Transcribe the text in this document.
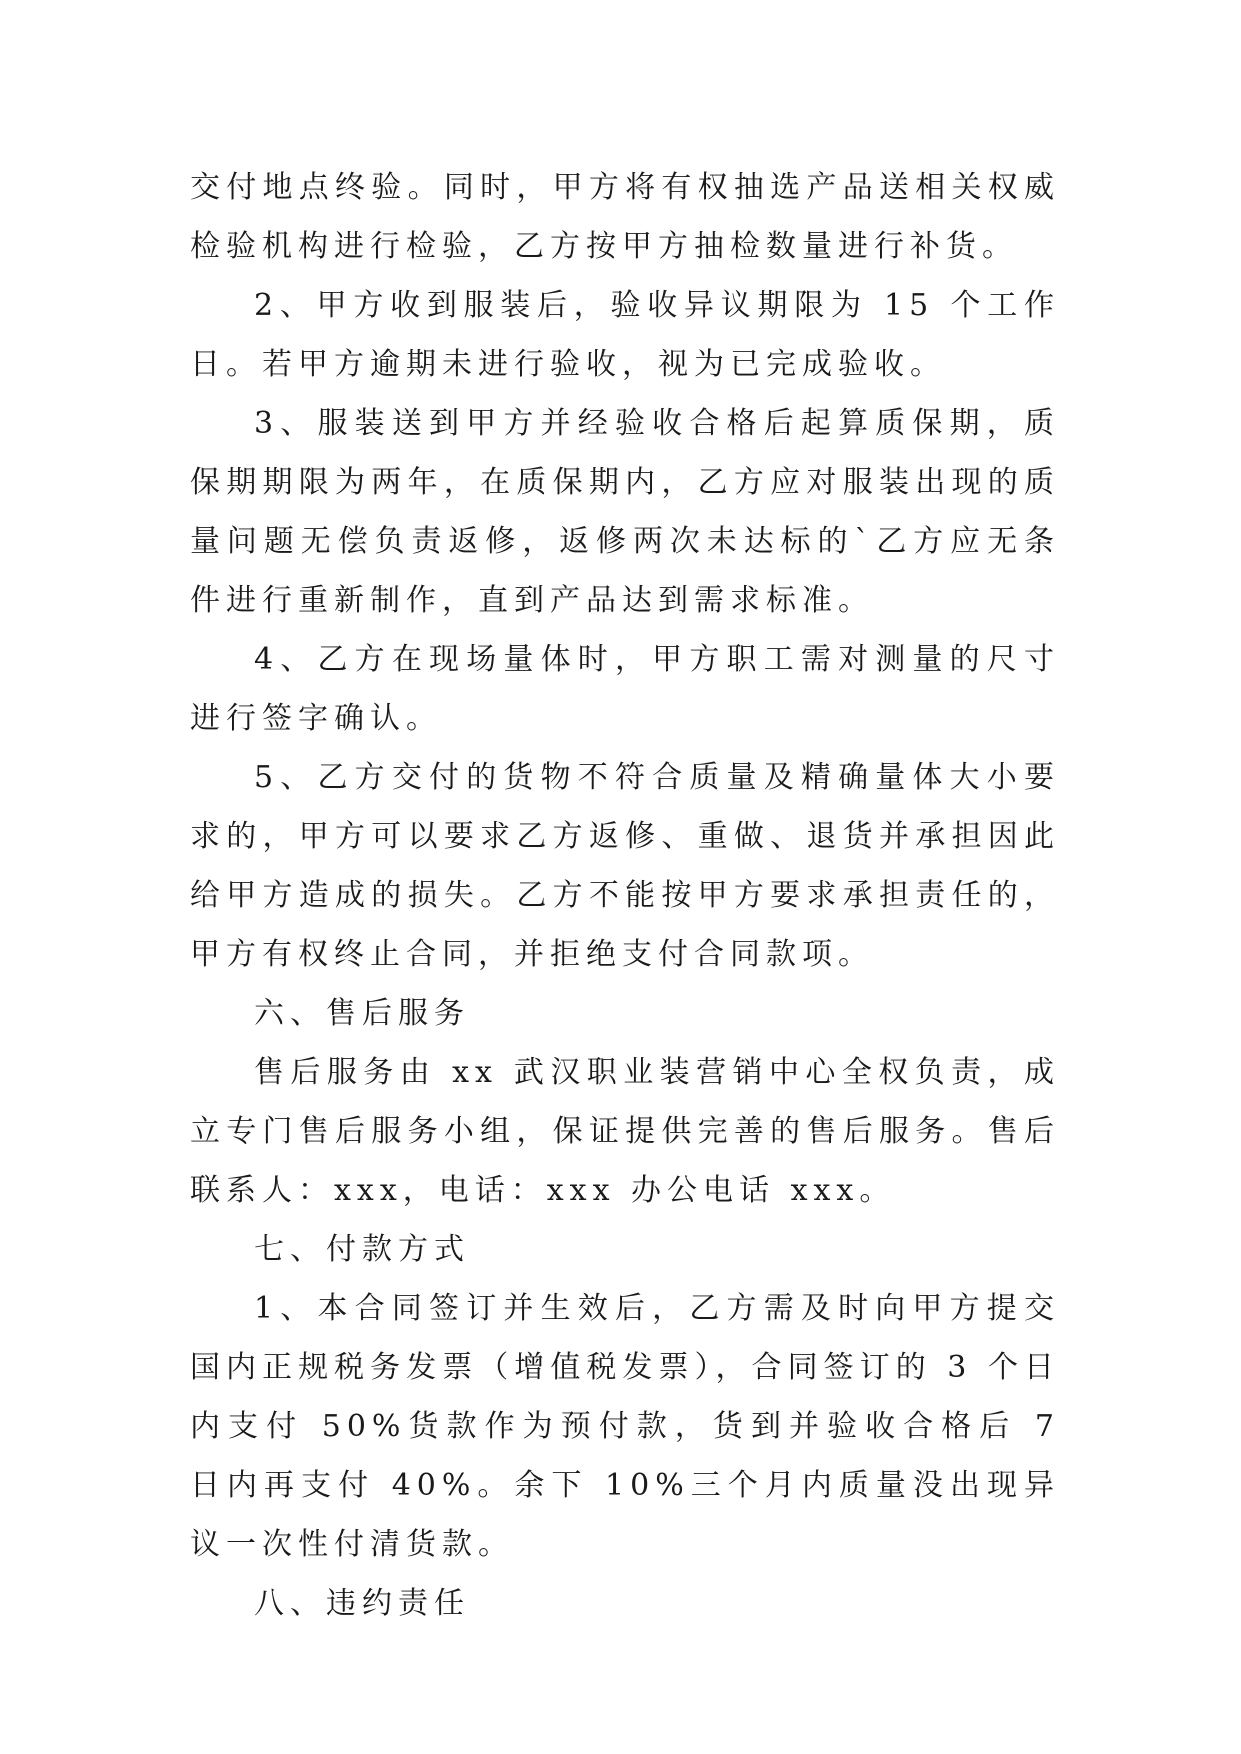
交付地点终验。同时，甲方将有权抽选产品送相关权威检验机构进行检验，乙方按甲方抽检数量进行补货。

2、甲方收到服装后，验收异议期限为 15 个工作日。若甲方逾期未进行验收，视为已完成验收。

3、服装送到甲方并经验收合格后起算质保期，质保期期限为两年，在质保期内，乙方应对服装出现的质量问题无偿负责返修，返修两次未达标的`乙方应无条件进行重新制作，直到产品达到需求标准。

4、乙方在现场量体时，甲方职工需对测量的尺寸进行签字确认。

5、乙方交付的货物不符合质量及精确量体大小要求的，甲方可以要求乙方返修、重做、退货并承担因此给甲方造成的损失。乙方不能按甲方要求承担责任的，甲方有权终止合同，并拒绝支付合同款项。

六、售后服务

售后服务由 xx 武汉职业装营销中心全权负责，成立专门售后服务小组，保证提供完善的售后服务。售后联系人：xxx，电话：xxx 办公电话 xxx。

七、付款方式

1、本合同签订并生效后，乙方需及时向甲方提交国内正规税务发票（增值税发票），合同签订的 3 个日内支付 50%货款作为预付款，货到并验收合格后 7 日内再支付 40%。余下 10%三个月内质量没出现异议一次性付清货款。

八、违约责任
